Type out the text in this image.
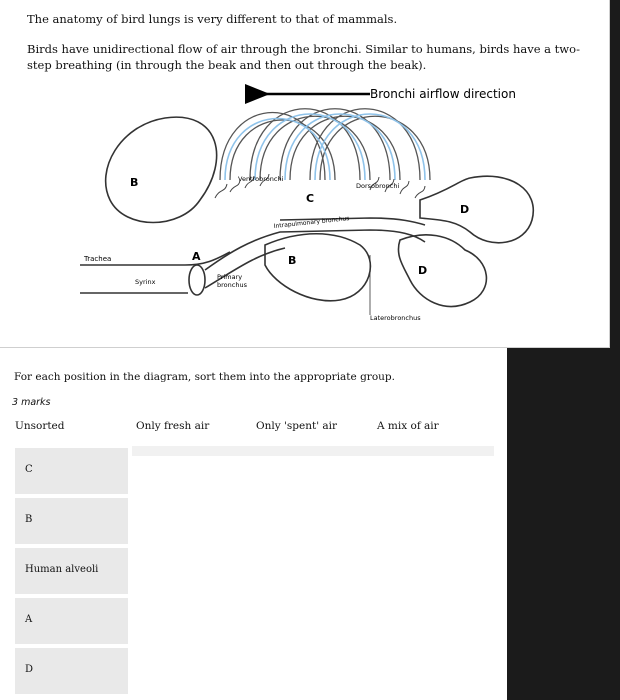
The anatomy of bird lungs is very different to that of mammals.

Birds have unidirectional flow of air through the bronchi. Similar to humans, birds have a two-step breathing (in through the beak and then out through the beak).

Bronchi airflow direction
B	Ventrobronchi
C
Dorsobronchi
D
Intrapulmonary bronchus
Trachea	A	B
D
Syrinx
Primary
bronchus
Laterobronchus

For each position in the diagram, sort them into the appropriate group.

3 marks
Unsorted	Only fresh air	Only 'spent' air	A mix of air
C
B
Human alveoli
A
D
